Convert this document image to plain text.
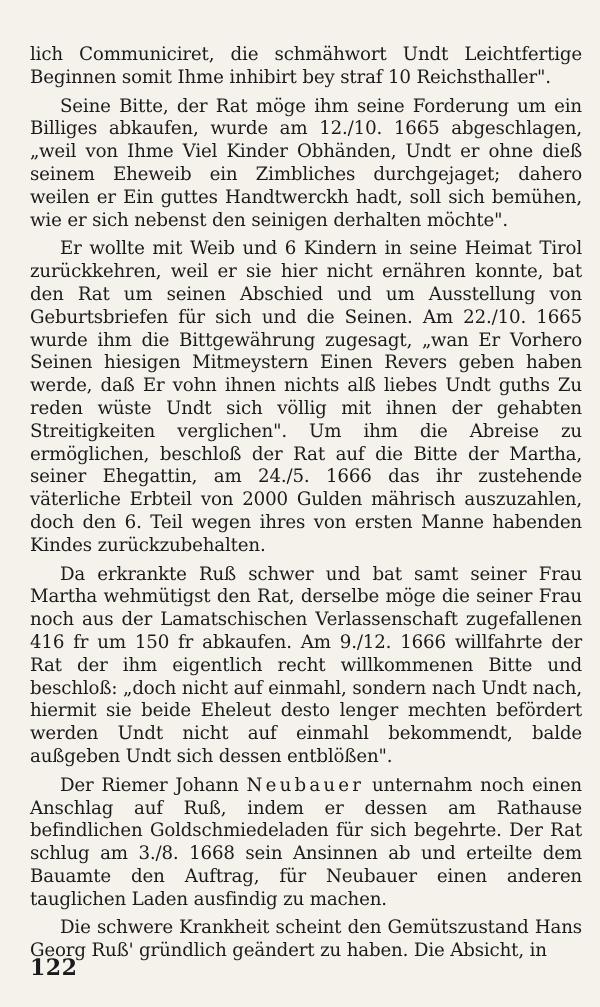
lich Communiciret, die schmähwort Undt Leichtfertige Beginnen somit Ihme inhibirt bey straf 10 Reichsthaller".

Seine Bitte, der Rat möge ihm seine Forderung um ein Billiges abkaufen, wurde am 12./10. 1665 abgeschlagen, „weil von Ihme Viel Kinder Obhänden, Undt er ohne dieß seinem Eheweib ein Zimbliches durchgejaget; dahero weilen er Ein guttes Handtwerckh hadt, soll sich bemühen, wie er sich nebenst den seinigen derhalten möchte".

Er wollte mit Weib und 6 Kindern in seine Heimat Tirol zurückkehren, weil er sie hier nicht ernähren konnte, bat den Rat um seinen Abschied und um Ausstellung von Geburtsbriefen für sich und die Seinen. Am 22./10. 1665 wurde ihm die Bittgewährung zugesagt, „wan Er Vorhero Seinen hiesigen Mitmeystern Einen Revers geben haben werde, daß Er vohn ihnen nichts alß liebes Undt guths Zu reden wüste Undt sich völlig mit ihnen der gehabten Streitigkeiten verglichen". Um ihm die Abreise zu ermöglichen, beschloß der Rat auf die Bitte der Martha, seiner Ehegattin, am 24./5. 1666 das ihr zustehende väterliche Erbteil von 2000 Gulden mährisch auszuzahlen, doch den 6. Teil wegen ihres von ersten Manne habenden Kindes zurückzubehalten.

Da erkrankte Ruß schwer und bat samt seiner Frau Martha wehmütigst den Rat, derselbe möge die seiner Frau noch aus der Lamatschischen Verlassenschaft zugefallenen 416 fr um 150 fr abkaufen. Am 9./12. 1666 willfahrte der Rat der ihm eigentlich recht willkommenen Bitte und beschloß: „doch nicht auf einmahl, sondern nach Undt nach, hiermit sie beide Eheleut desto lenger mechten befördert werden Undt nicht auf einmahl bekommendt, balde außgeben Undt sich dessen entblößen".

Der Riemer Johann Neubauer unternahm noch einen Anschlag auf Ruß, indem er dessen am Rathause befindlichen Goldschmiedeladen für sich begehrte. Der Rat schlug am 3./8. 1668 sein Ansinnen ab und erteilte dem Bauamte den Auftrag, für Neubauer einen anderen tauglichen Laden ausfindig zu machen.

Die schwere Krankheit scheint den Gemütszustand Hans Georg Ruß' gründlich geändert zu haben. Die Absicht, in

122
